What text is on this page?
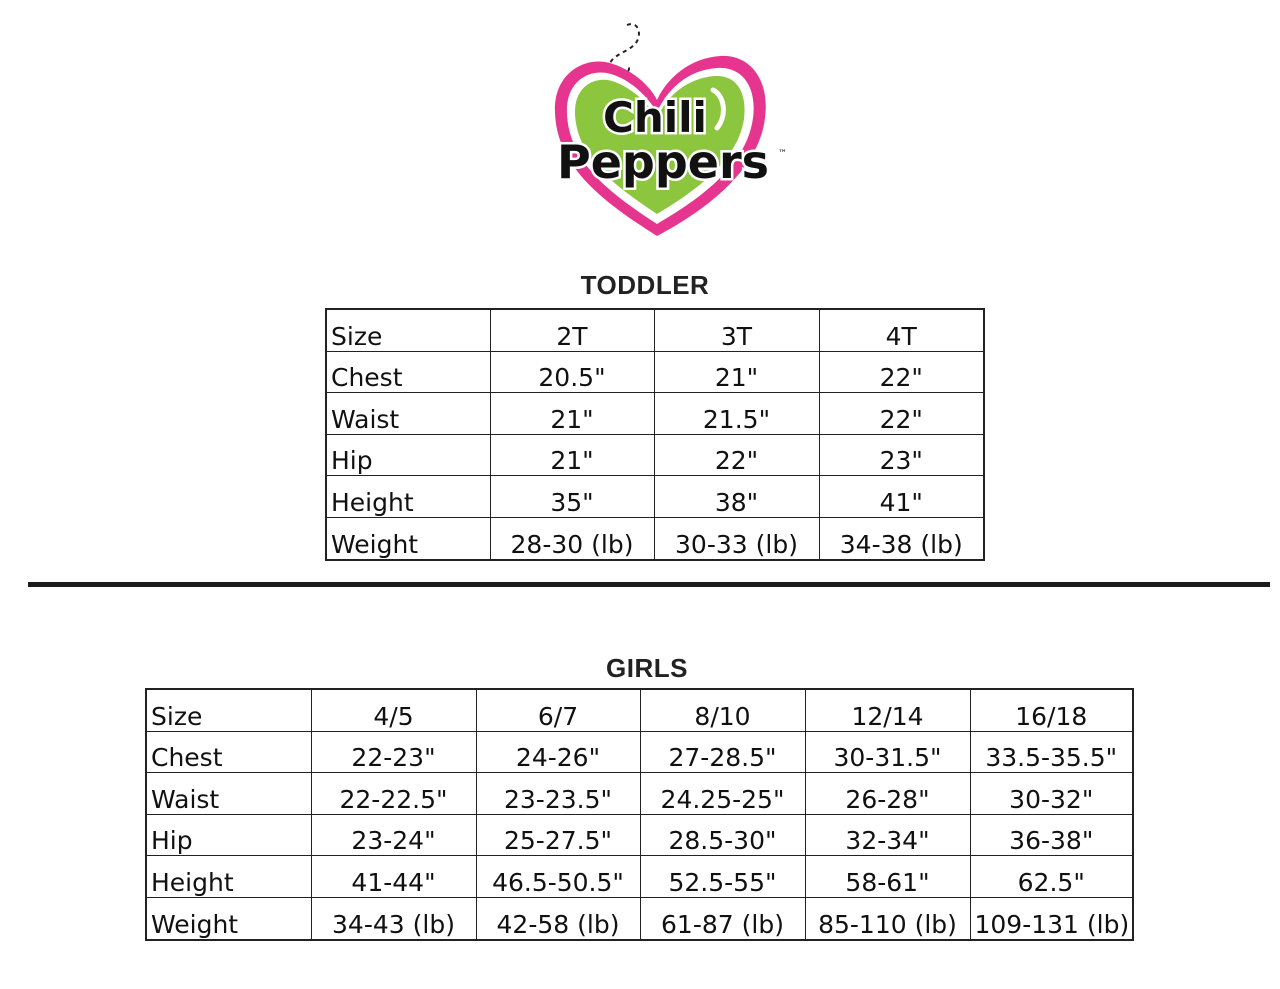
Chili
Peppers ™
TODDLER
Size	2T	3T	4T
Chest	20.5"	21"	22"
Waist	21"	21.5"	22"
Hip	21"	22"	23"
Height	35"	38"	41"
Weight	28-30 (lb)	30-33 (lb)	34-38 (lb)
GIRLS
Size	4/5	6/7	8/10	12/14	16/18
Chest	22-23"	24-26"	27-28.5"	30-31.5"	33.5-35.5"
Waist	22-22.5"	23-23.5"	24.25-25"	26-28"	30-32"
Hip	23-24"	25-27.5"	28.5-30"	32-34"	36-38"
Height	41-44"	46.5-50.5"	52.5-55"	58-61"	62.5"
Weight	34-43 (lb)	42-58 (lb)	61-87 (lb)	85-110 (lb)	109-131 (lb)
